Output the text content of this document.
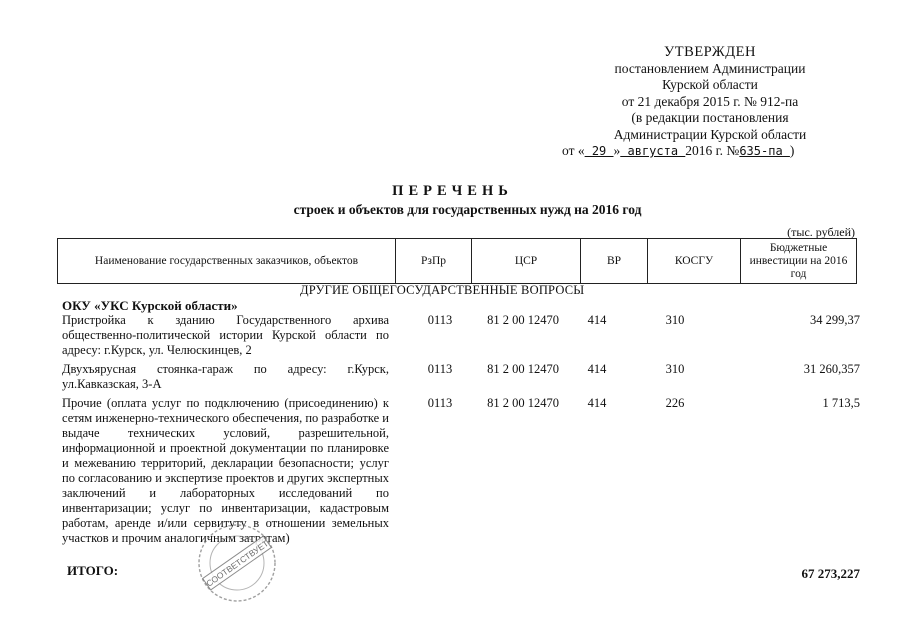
УТВЕРЖДЕН
постановлением Администрации
Курской области
от 21 декабря 2015 г. № 912-па
(в редакции постановления
Администрации Курской области
от « 29 » августа 2016 г. №635-па )
ПЕРЕЧЕНЬ
строек и объектов для государственных нужд на 2016 год
(тыс. рублей)
Наименование государственных заказчиков, объектов	РзПр	ЦСР	ВР	КОСГУ	Бюджетные инвестиции на 2016 год
ДРУГИЕ ОБЩЕГОСУДАРСТВЕННЫЕ ВОПРОСЫ
ОКУ «УКС Курской области»
Пристройка к зданию Государственного архива общественно-политической истории Курской области по адресу: г.Курск, ул. Челюскинцев, 2
0113	81 2 00 12470	414	310	34 299,37
Двухъярусная стоянка-гараж по адресу: г.Курск, ул.Кавказская, 3-А
0113	81 2 00 12470	414	310	31 260,357
Прочие (оплата услуг по подключению (присоединению) к сетям инженерно-технического обеспечения, по разработке и выдаче технических условий, разрешительной, информационной и проектной документации по планировке и межеванию территорий, декларации безопасности; услуг по согласованию и экспертизе проектов и других экспертных заключений и лабораторных исследований по инвентаризации; услуг по инвентаризации, кадастровым работам, аренде и/или сервитуту в отношении земельных участков и прочим аналогичным затратам)
0113	81 2 00 12470	414	226	1 713,5
ИТОГО:	67 273,227
СООТВЕТСТВУЕТ
